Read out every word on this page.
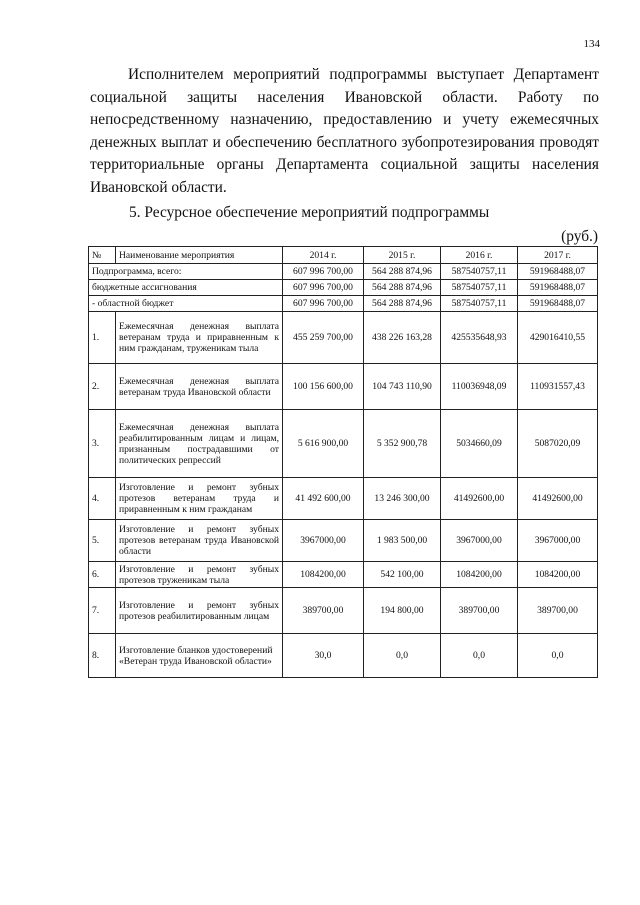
134
Исполнителем мероприятий подпрограммы выступает Департамент
социальной защиты населения Ивановской области. Работу по
непосредственному назначению, предоставлению и учету ежемесячных
денежных выплат и обеспечению бесплатного зубопротезирования проводят
территориальные органы Департамента социальной защиты населения
Ивановской области.
5. Ресурсное обеспечение мероприятий подпрограммы
(руб.)
№	Наименование мероприятия	2014 г.	2015 г.	2016 г.	2017 г.
Подпрограмма, всего:		607 996 700,00	564 288 874,96	587540757,11	591968488,07
бюджетные ассигнования		607 996 700,00	564 288 874,96	587540757,11	591968488,07
- областной бюджет		607 996 700,00	564 288 874,96	587540757,11	591968488,07
1.	Ежемесячная денежная выплата ветеранам труда и приравненным к ним гражданам, труженикам тыла	455 259 700,00	438 226 163,28	425535648,93	429016410,55
2.	Ежемесячная денежная выплата ветеранам труда Ивановской области	100 156 600,00	104 743 110,90	110036948,09	110931557,43
3.	Ежемесячная денежная выплата реабилитированным лицам и лицам, признанным пострадавшими от политических репрессий	5 616 900,00	5 352 900,78	5034660,09	5087020,09
4.	Изготовление и ремонт зубных протезов ветеранам труда и приравненным к ним гражданам	41 492 600,00	13 246 300,00	41492600,00	41492600,00
5.	Изготовление и ремонт зубных протезов ветеранам труда Ивановской области	3967000,00	1 983 500,00	3967000,00	3967000,00
6.	Изготовление и ремонт зубных протезов труженикам тыла	1084200,00	542 100,00	1084200,00	1084200,00
7.	Изготовление и ремонт зубных протезов реабилитированным лицам	389700,00	194 800,00	389700,00	389700,00
8.	Изготовление бланков удостоверений «Ветеран труда Ивановской области»	30,0	0,0	0,0	0,0
